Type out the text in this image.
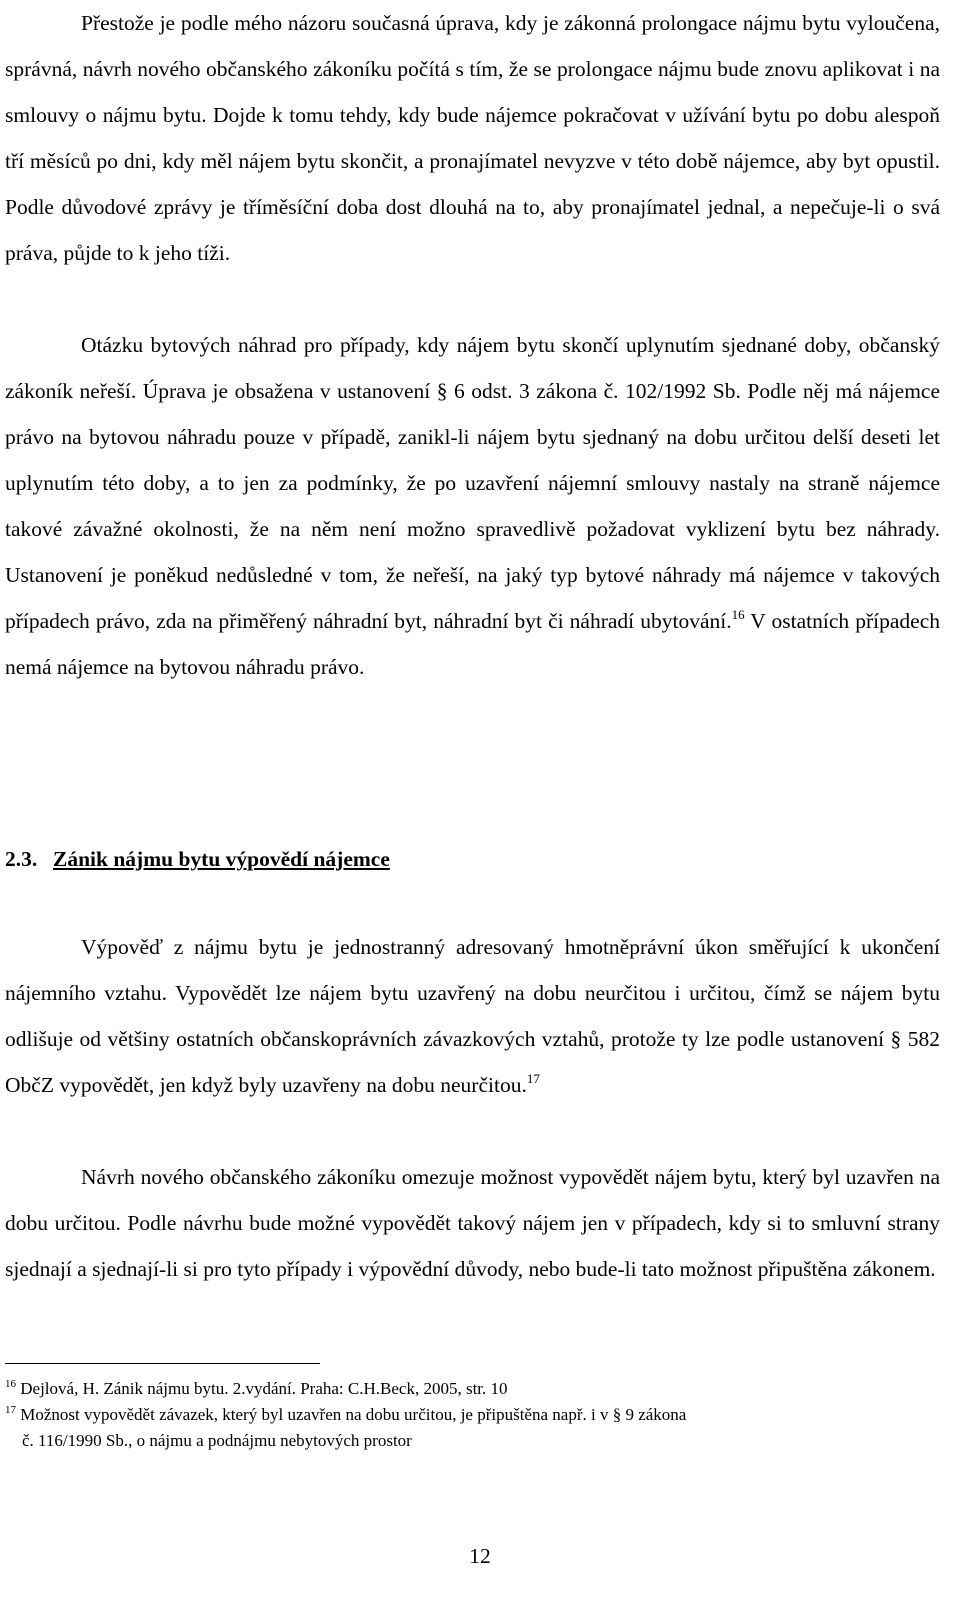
Přestože je podle mého názoru současná úprava, kdy je zákonná prolongace nájmu bytu vyloučena, správná, návrh nového občanského zákoníku počítá s tím, že se prolongace nájmu bude znovu aplikovat i na smlouvy o nájmu bytu. Dojde k tomu tehdy, kdy bude nájemce pokračovat v užívání bytu po dobu alespoň tří měsíců po dni, kdy měl nájem bytu skončit, a pronajímatel nevyzve v této době nájemce, aby byt opustil. Podle důvodové zprávy je tříměsíční doba dost dlouhá na to, aby pronajímatel jednal, a nepečuje-li o svá práva, půjde to k jeho tíži.

Otázku bytových náhrad pro případy, kdy nájem bytu skončí uplynutím sjednané doby, občanský zákoník neřeší. Úprava je obsažena v ustanovení § 6 odst. 3 zákona č. 102/1992 Sb. Podle něj má nájemce právo na bytovou náhradu pouze v případě, zanikl-li nájem bytu sjednaný na dobu určitou delší deseti let uplynutím této doby, a to jen za podmínky, že po uzavření nájemní smlouvy nastaly na straně nájemce takové závažné okolnosti, že na něm není možno spravedlivě požadovat vyklizení bytu bez náhrady. Ustanovení je poněkud nedůsledné v tom, že neřeší, na jaký typ bytové náhrady má nájemce v takových případech právo, zda na přiměřený náhradní byt, náhradní byt či náhradí ubytování.$^{16}$ V ostatních případech nemá nájemce na bytovou náhradu právo.

2.3. Zánik nájmu bytu výpovědí nájemce

Výpověď z nájmu bytu je jednostranný adresovaný hmotněprávní úkon směřující k ukončení nájemního vztahu. Vypovědět lze nájem bytu uzavřený na dobu neurčitou i určitou, čímž se nájem bytu odlišuje od většiny ostatních občanskoprávních závazkových vztahů, protože ty lze podle ustanovení § 582 ObčZ vypovědět, jen když byly uzavřeny na dobu neurčitou.$^{17}$

Návrh nového občanského zákoníku omezuje možnost vypovědět nájem bytu, který byl uzavřen na dobu určitou. Podle návrhu bude možné vypovědět takový nájem jen v případech, kdy si to smluvní strany sjednají a sjednají-li si pro tyto případy i výpovědní důvody, nebo bude-li tato možnost připuštěna zákonem.

$^{16}$ Dejlová, H. Zánik nájmu bytu. 2.vydání. Praha: C.H.Beck, 2005, str. 10

$^{17}$ Možnost vypovědět závazek, který byl uzavřen na dobu určitou, je připuštěna např. i v § 9 zákona
č. 116/1990 Sb., o nájmu a podnájmu nebytových prostor

12
